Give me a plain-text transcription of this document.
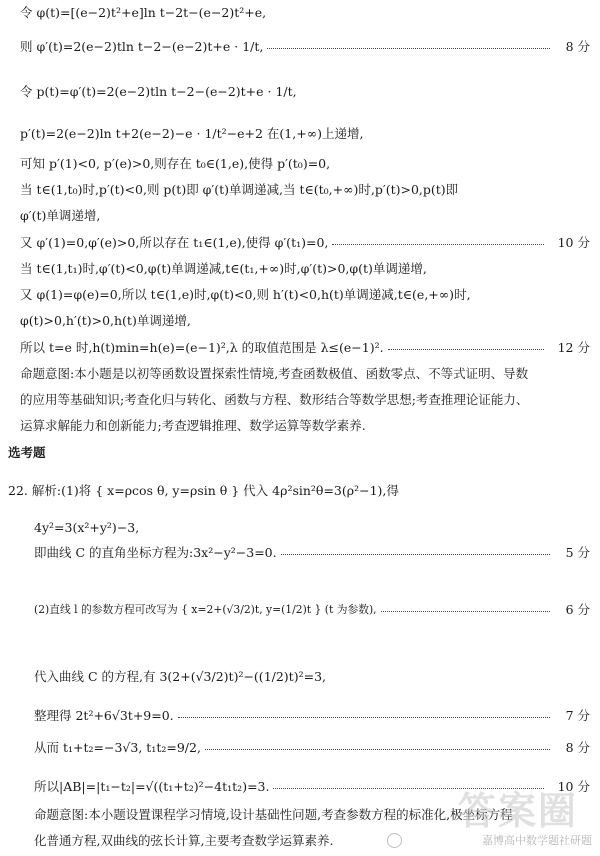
令 φ(t)=[(e−2)t²+e]ln t−2t−(e−2)t²+e,
则 φ′(t)=2(e−2)tln t−2−(e−2)t+e · 1/t,	8 分
令 p(t)=φ′(t)=2(e−2)tln t−2−(e−2)t+e · 1/t,
p′(t)=2(e−2)ln t+2(e−2)−e · 1/t²−e+2 在(1,+∞)上递增,
可知 p′(1)<0, p′(e)>0,则存在 t₀∈(1,e),使得 p′(t₀)=0,
当 t∈(1,t₀)时,p′(t)<0,则 p(t)即 φ′(t)单调递减,当 t∈(t₀,+∞)时,p′(t)>0,p(t)即
φ′(t)单调递增,
又 φ′(1)=0,φ′(e)>0,所以存在 t₁∈(1,e),使得 φ′(t₁)=0,	10 分
当 t∈(1,t₁)时,φ′(t)<0,φ(t)单调递减,t∈(t₁,+∞)时,φ′(t)>0,φ(t)单调递增,
又 φ(1)=φ(e)=0,所以 t∈(1,e)时,φ(t)<0,则 h′(t)<0,h(t)单调递减,t∈(e,+∞)时,
φ(t)>0,h′(t)>0,h(t)单调递增,
所以 t=e 时,h(t)min=h(e)=(e−1)²,λ 的取值范围是 λ≤(e−1)².	12 分
命题意图:本小题是以初等函数设置探索性情境,考查函数极值、函数零点、不等式证明、导数
的应用等基础知识;考查化归与转化、函数与方程、数形结合等数学思想;考查推理论证能力、
运算求解能力和创新能力;考查逻辑推理、数学运算等数学素养.
选考题
22. 解析:(1)将 { x=ρcos θ, y=ρsin θ } 代入 4ρ²sin²θ=3(ρ²−1),得
4y²=3(x²+y²)−3,
即曲线 C 的直角坐标方程为:3x²−y²−3=0.	5 分
(2)直线 l 的参数方程可改写为 { x=2+(√3/2)t, y=(1/2)t } (t 为参数),	6 分
代入曲线 C 的方程,有 3(2+(√3/2)t)²−((1/2)t)²=3,
整理得 2t²+6√3t+9=0.	7 分
从而 t₁+t₂=−3√3, t₁t₂=9/2,	8 分
所以|AB|=|t₁−t₂|=√((t₁+t₂)²−4t₁t₂)=3.	10 分
命题意图:本小题设置课程学习情境,设计基础性问题,考查参数方程的标准化,极坐标方程
化普通方程,双曲线的弦长计算,主要考查数学运算素养.
答案圈
嘉博高中数学题社研题
